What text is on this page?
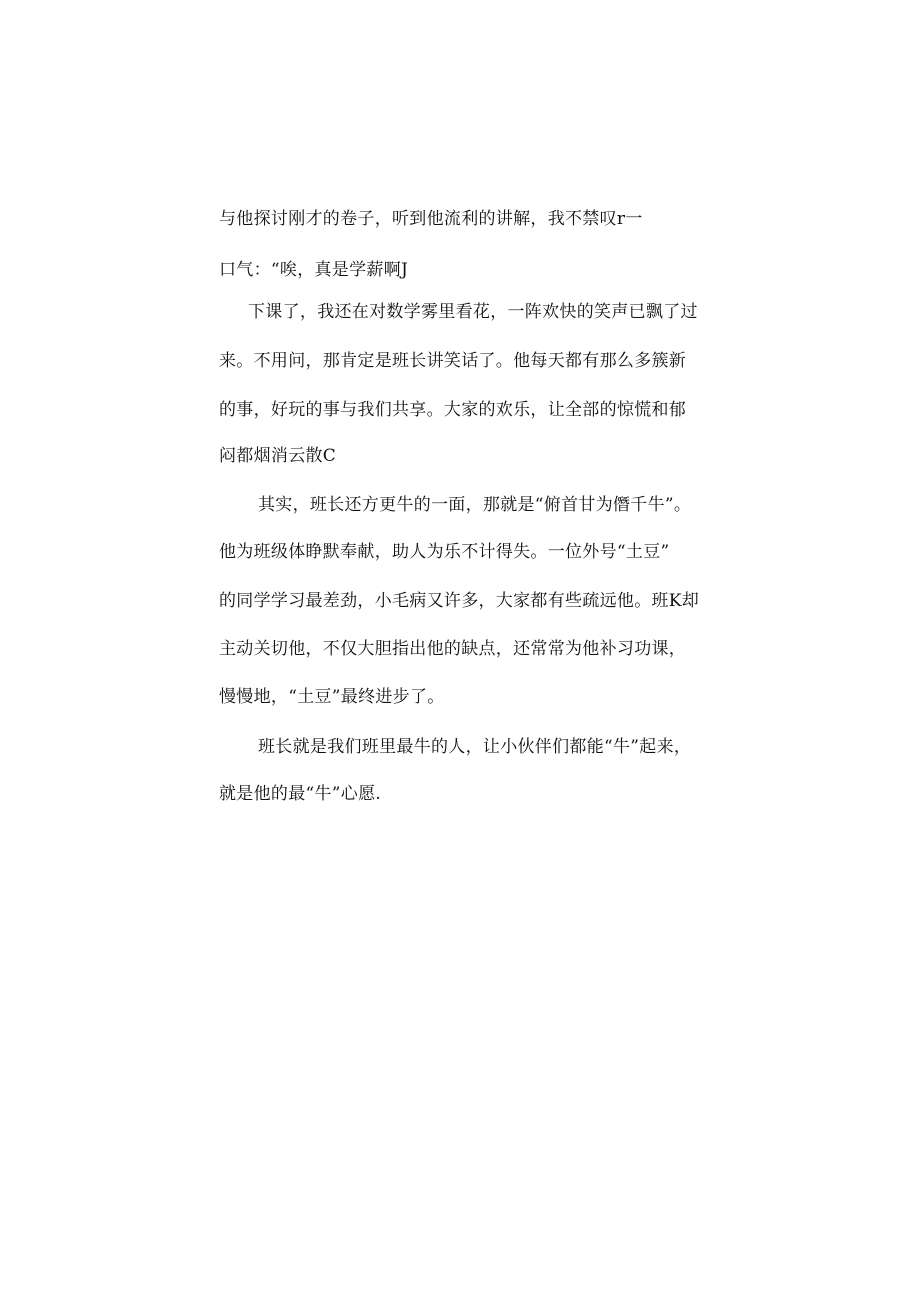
与他探讨刚才的卷子，听到他流利的讲解，我不禁叹r一
口气：“唉，真是学薪啊J
下课了，我还在对数学雾里看花，一阵欢快的笑声已飘了过
来。不用问，那肯定是班长讲笑话了。他每天都有那么多簇新
的事，好玩的事与我们共享。大家的欢乐，让全部的惊慌和郁
闷都烟消云散C
其实，班长还方更牛的一面，那就是“俯首甘为僭千牛”。
他为班级体睁默奉献，助人为乐不计得失。一位外号“土豆”
的同学学习最差劲，小毛病又许多，大家都有些疏远他。班K却
主动关切他，不仅大胆指出他的缺点，还常常为他补习功课，
慢慢地，“土豆”最终进步了。
班长就是我们班里最牛的人，让小伙伴们都能“牛”起来，
就是他的最“牛”心愿.
